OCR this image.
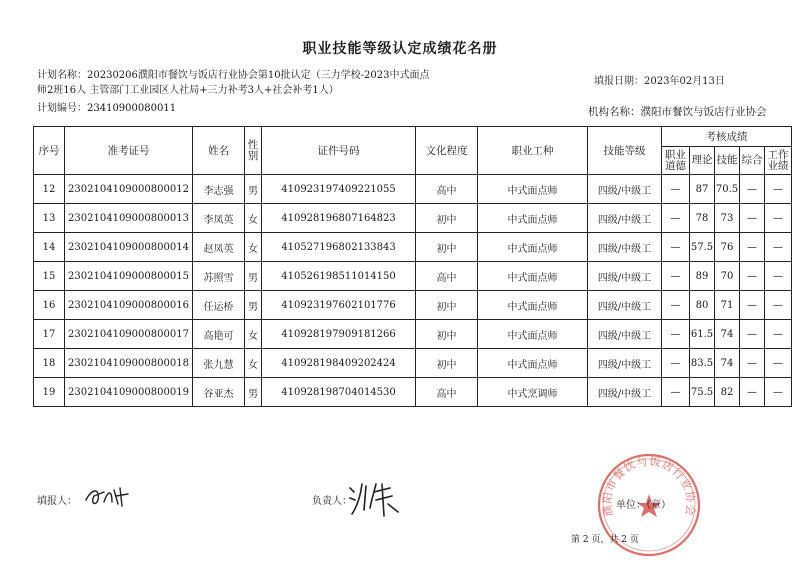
职业技能等级认定成绩花名册
计划名称：20230206濮阳市餐饮与饭店行业协会第10批认定（三力学校-2023中式面点
师2班16人 主管部门工业园区人社局+三力补考3人+社会补考1人）
填报日期：2023年02月13日
计划编号：23410900080011	机构名称：濮阳市餐饮与饭店行业协会
序号	准考证号	姓名	性别	证件号码	文化程度	职业工种	技能等级	考核成绩				
								职业道德	理论	技能	综合	工作业绩
12	2302104109000800012	李志强	男	410923197409221055	高中	中式面点师	四级/中级工	—	87	70.5	—	—
13	2302104109000800013	李凤英	女	410928196807164823	初中	中式面点师	四级/中级工	—	78	73	—	—
14	2302104109000800014	赵凤英	女	410527196802133843	初中	中式面点师	四级/中级工	—	57.5	76	—	—
15	2302104109000800015	苏照雪	男	410526198511014150	高中	中式面点师	四级/中级工	—	89	70	—	—
16	2302104109000800016	任运桥	男	410923197602101776	初中	中式面点师	四级/中级工	—	80	71	—	—
17	2302104109000800017	高艳可	女	410928197909181266	初中	中式面点师	四级/中级工	—	61.5	74	—	—
18	2302104109000800018	张九慧	女	410928198409202424	初中	中式面点师	四级/中级工	—	83.5	74	—	—
19	2302104109000800019	谷亚杰	男	410928198704014530	高中	中式烹调师	四级/中级工	—	75.5	82	—	—
填报人：	负责人：
濮阳市餐饮与饭店行业协会
单位：（章）
第 2 页，共 2 页
